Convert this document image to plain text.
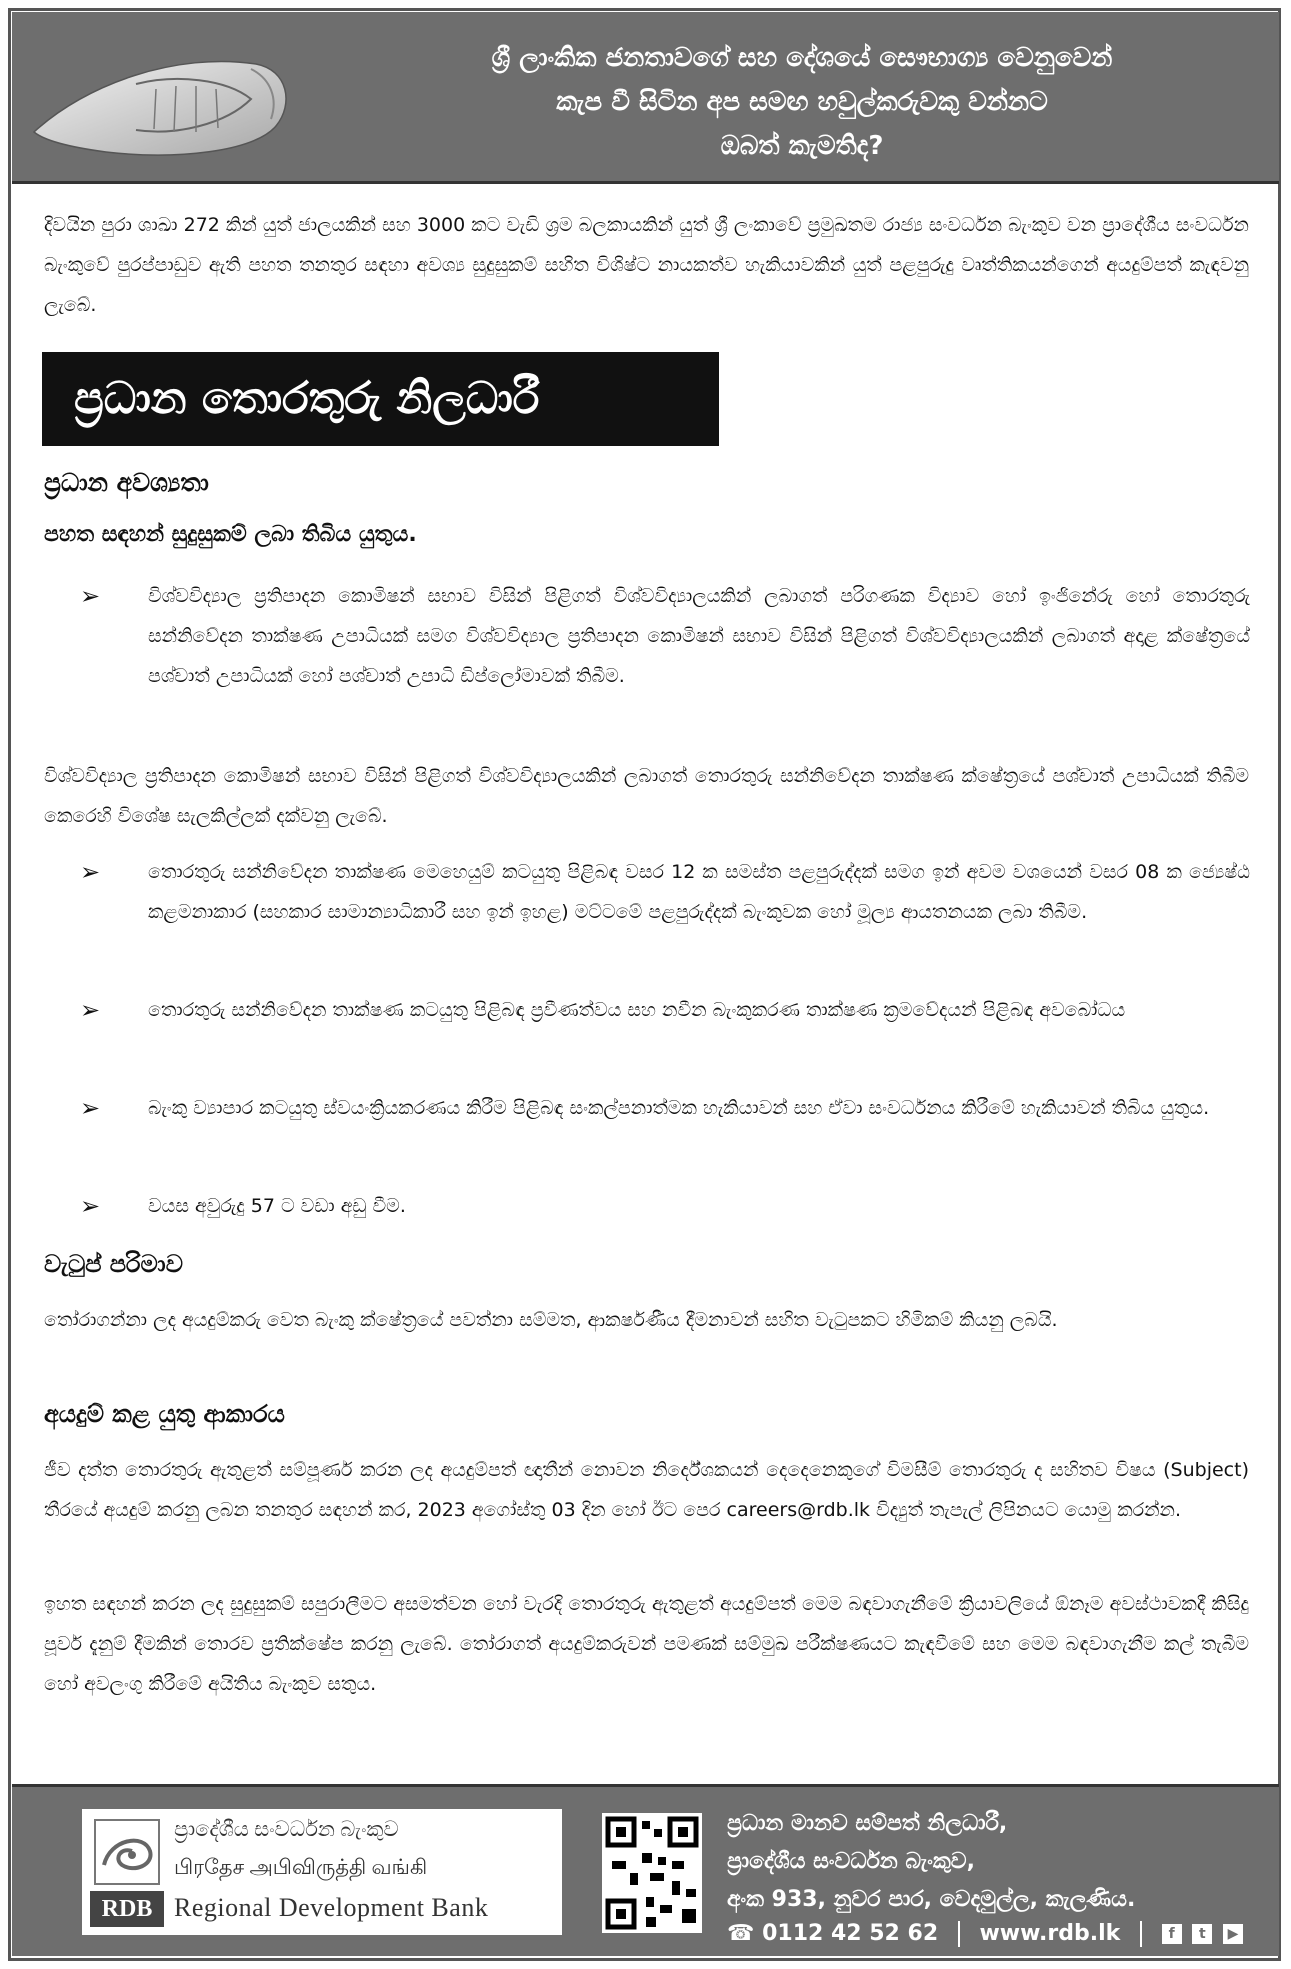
ශ්‍රී ලාංකික ජනතාවගේ සහ දේශයේ සෞභාග්‍ය වෙනුවෙන්
කැප වී සිටින අප සමඟ හවුල්කරුවකු වන්නට
ඔබත් කැමතිද?

දිවයින පුරා ශාඛා 272 කින් යුත් ජාලයකින් සහ 3000 කට වැඩි ශ්‍රම බලකායකින් යුත් ශ්‍රී ලංකාවේ ප්‍රමුඛතම රාජ්‍ය සංවර්ධන බැංකුව වන ප්‍රාදේශීය සංවර්ධන බැංකුවේ පුරප්පාඩුව ඇති පහත තනතුර සඳහා අවශ්‍ය සුදුසුකම් සහිත විශිෂ්ට නායකත්ව හැකියාවකින් යුත් පළපුරුදු වෘත්තිකයන්ගෙන් අයදුම්පත් කැඳවනු ලැබේ.

ප්‍රධාන තොරතුරු නිලධාරී
ප්‍රධාන අවශ්‍යතා
පහත සඳහන් සුදුසුකම් ලබා තිබිය යුතුය.
➢	විශ්වවිද්‍යාල ප්‍රතිපාදන කොමිෂන් සභාව විසින් පිළිගත් විශ්වවිද්‍යාලයකින් ලබාගත් පරිගණක විද්‍යාව හෝ ඉංජිනේරු හෝ තොරතුරු සන්නිවේදන තාක්ෂණ උපාධියක් සමග විශ්වවිද්‍යාල ප්‍රතිපාදන කොමිෂන් සභාව විසින් පිළිගත් විශ්වවිද්‍යාලයකින් ලබාගත් අදාළ ක්ෂේත්‍රයේ පශ්චාත් උපාධියක් හෝ පශ්චාත් උපාධි ඩිප්ලෝමාවක් තිබීම.

විශ්වවිද්‍යාල ප්‍රතිපාදන කොමිෂන් සභාව විසින් පිළිගත් විශ්වවිද්‍යාලයකින් ලබාගත් තොරතුරු සන්නිවේදන තාක්ෂණ ක්ෂේත්‍රයේ පශ්චාත් උපාධියක් තිබීම කෙරෙහි විශේෂ සැලකිල්ලක් දක්වනු ලැබේ.

➢	තොරතුරු සන්නිවේදන තාක්ෂණ මෙහෙයුම් කටයුතු පිළිබඳ වසර 12 ක සමස්ත පළපුරුද්දක් සමග ඉන් අවම වශයෙන් වසර 08 ක ජ්‍යෙෂ්ඨ කළමනාකාර (සහකාර සාමාන්‍යාධිකාරී සහ ඉන් ඉහළ) මට්ටමේ පළපුරුද්දක් බැංකුවක හෝ මූල්‍ය ආයතනයක ලබා තිබීම.
➢	තොරතුරු සන්නිවේදන තාක්ෂණ කටයුතු පිළිබඳ ප්‍රවීණත්වය සහ නවීන බැංකුකරණ තාක්ෂණ ක්‍රමවේදයන් පිළිබඳ අවබෝධය
➢	බැංකු ව්‍යාපාර කටයුතු ස්වයංක්‍රියකරණය කිරීම පිළිබඳ සංකල්පනාත්මක හැකියාවන් සහ ඒවා සංවර්ධනය කිරීමේ හැකියාවන් තිබිය යුතුය.
➢	වයස අවුරුදු 57 ට වඩා අඩු වීම.
වැටුප් පරිමාව

තෝරාගන්නා ලද අයදුම්කරු වෙත බැංකු ක්ෂේත්‍රයේ පවත්නා සම්මත, ආකර්ෂණීය දීමනාවන් සහිත වැටුපකට හිමිකම් කියනු ලබයි.

අයදුම් කළ යුතු ආකාරය

ජීව දත්ත තොරතුරු ඇතුළත් සම්පූර්ණ කරන ලද අයදුම්පත් ඥාතීන් නොවන නිර්දේශකයන් දෙදෙනෙකුගේ විමසීම් තොරතුරු ද සහිතව විෂය (Subject) තීරයේ අයදුම් කරනු ලබන තනතුර සඳහන් කර, 2023 අගෝස්තු 03 දින හෝ ඊට පෙර careers@rdb.lk විද්‍යුත් තැපැල් ලිපිනයට යොමු කරන්න.

ඉහත සඳහන් කරන ලද සුදුසුකම් සපුරාලීමට අසමත්වන හෝ වැරදි තොරතුරු ඇතුළත් අයදුම්පත් මෙම බඳවාගැනීමේ ක්‍රියාවලියේ ඕනෑම අවස්ථාවකදී කිසිදු පූර්ව දැනුම් දීමකින් තොරව ප්‍රතික්ෂේප කරනු ලැබේ. තෝරාගත් අයදුම්කරුවන් පමණක් සම්මුඛ පරීක්ෂණයට කැඳවීමේ සහ මෙම බඳවාගැනීම කල් තැබීම හෝ අවලංගු කිරීමේ අයිතිය බැංකුව සතුය.

RDB
ප්‍රාදේශීය සංවර්ධන බැංකුව
பிரதேச அபிவிருத்தி வங்கி
Regional Development Bank
ප්‍රධාන මානව සම්පත් නිලධාරී,
ප්‍රාදේශීය සංවර්ධන බැංකුව,
අංක 933, නුවර පාර, වෙදමුල්ල, කැලණිය.
☎ 0112 42 52 62 www.rdb.lk	f t ▶
